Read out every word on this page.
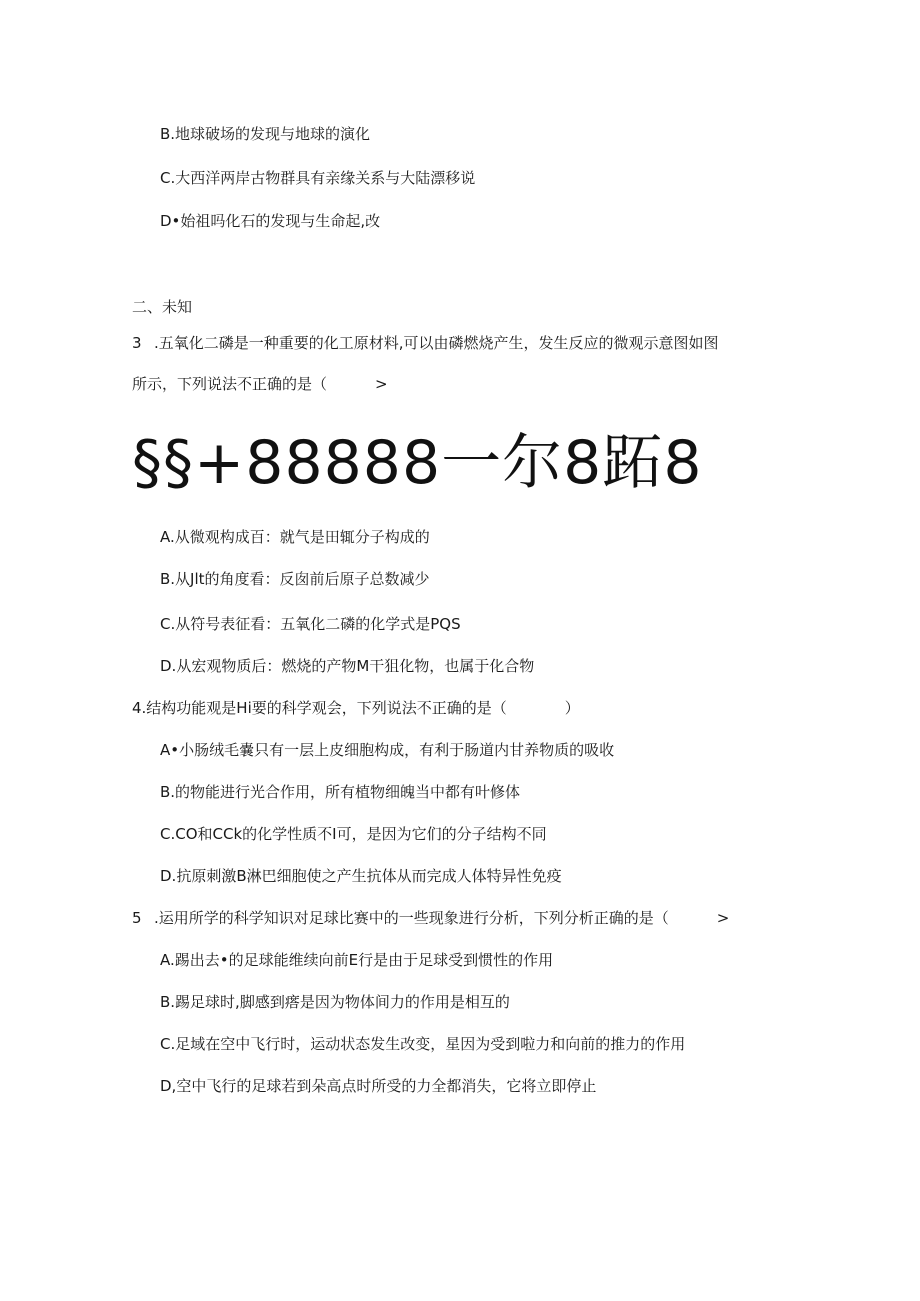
B.地球破场的发现与地球的演化
C.大西洋两岸古物群具有亲缘关系与大陆漂移说
D•始祖吗化石的发现与生命起,改
二、未知
3 .五氧化二磷是一种重要的化工原材料,可以由磷燃烧产生，发生反应的微观示意图如图
所示，下列说法不正确的是（	>
§§+88888一尔8跖8
A.从微观构成百：就气是田辄分子构成的
B.从Jlt的角度看：反囱前后原子总数减少
C.从符号表征看：五氧化二磷的化学式是PQS
D.从宏观物质后：燃烧的产物M干狙化物，也属于化合物
4.结构功能观是Hi要的科学观会，下列说法不正确的是（	）
A•小肠绒毛嚢只有一层上皮细胞构成，有利于肠道内甘养物质的吸收
B.的物能进行光合作用，所有植物细魄当中都有叶修体
C.CO和CCk的化学性质不I可，是因为它们的分子结构不同
D.抗原刺激B淋巴细胞使之产生抗体从而完成人体特异性免疫
5 .运用所学的科学知识对足球比赛中的一些现象进行分析，下列分析正确的是（	>
A.踢出去•的足球能维续向前E行是由于足球受到惯性的作用
B.踢足球时,脚感到瘩是因为物体间力的作用是相互的
C.足域在空中飞行时，运动状态发生改变，星因为受到啦力和向前的推力的作用
D,空中飞行的足球若到朵高点时所受的力全都消失，它将立即停止
